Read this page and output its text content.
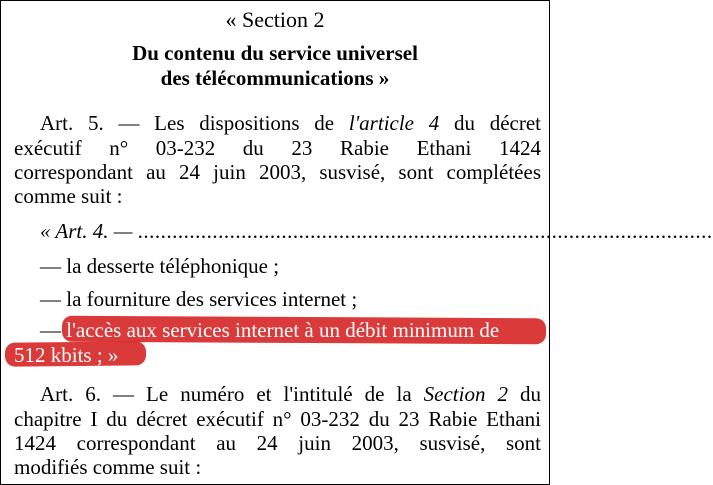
« Section 2
Du contenu du service universel
des télécommunications »
Art. 5. — Les dispositions de l'article 4 du décret
exécutif n° 03-232 du 23 Rabie Ethani 1424
correspondant au 24 juin 2003, susvisé, sont complétées
comme suit :
« Art. 4. — ....................................................................................................
— la desserte téléphonique ;
— la fourniture des services internet ;
— l'accès aux services internet à un débit minimum de
512 kbits ; »
Art. 6. — Le numéro et l'intitulé de la Section 2 du
chapitre I du décret exécutif n° 03-232 du 23 Rabie Ethani
1424 correspondant au 24 juin 2003, susvisé, sont
modifiés comme suit :
